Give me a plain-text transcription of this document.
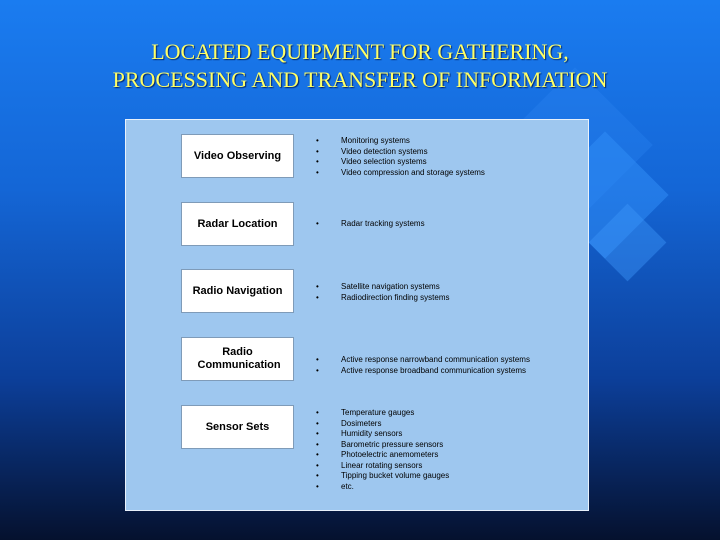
LOCATED EQUIPMENT FOR GATHERING,
PROCESSING AND TRANSFER OF INFORMATION
Video Observing
• Monitoring systems
• Video detection systems
• Video selection systems
• Video compression and storage systems
Radar Location	• Radar tracking systems
Radio Navigation	• Satellite navigation systems
• Radiodirection finding systems
Radio Communication	• Active response narrowband communication systems
• Active response broadband communication systems
Sensor Sets
• Temperature gauges
• Dosimeters
• Humidity sensors
• Barometric pressure sensors
• Photoelectric anemometers
• Linear rotating sensors
• Tipping bucket volume gauges
• etc.
